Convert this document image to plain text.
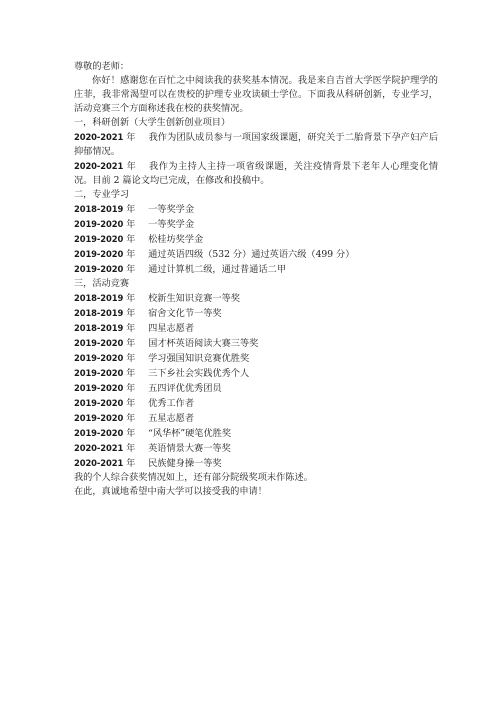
尊敬的老师：
你好！感谢您在百忙之中阅读我的获奖基本情况。我是来自吉首大学医学院护理学的庄菲，我非常渴望可以在贵校的护理专业攻读硕士学位。下面我从科研创新，专业学习，活动竞赛三个方面称述我在校的获奖情况。
一，科研创新（大学生创新创业项目）
2020-2021 年 我作为团队成员参与一项国家级课题，研究关于二胎背景下孕产妇产后抑郁情况。
2020-2021 年 我作为主持人主持一项省级课题，关注疫情背景下老年人心理变化情况。目前 2 篇论文均已完成，在修改和投稿中。
二，专业学习
2018-2019 年 一等奖学金
2019-2020 年 一等奖学金
2019-2020 年 松桂坊奖学金
2019-2020 年 通过英语四级（532 分）通过英语六级（499 分）
2019-2020 年 通过计算机二级，通过普通话二甲
三，活动竞赛
2018-2019 年 校新生知识竞赛一等奖
2018-2019 年 宿舍文化节一等奖
2018-2019 年 四星志愿者
2019-2020 年 国才杯英语阅读大赛三等奖
2019-2020 年 学习强国知识竞赛优胜奖
2019-2020 年 三下乡社会实践优秀个人
2019-2020 年 五四评优优秀团员
2019-2020 年 优秀工作者
2019-2020 年 五星志愿者
2019-2020 年 “风华杯”硬笔优胜奖
2020-2021 年 英语情景大赛一等奖
2020-2021 年 民族健身操一等奖
我的个人综合获奖情况如上，还有部分院级奖项未作陈述。
在此，真诚地希望中南大学可以接受我的申请！
